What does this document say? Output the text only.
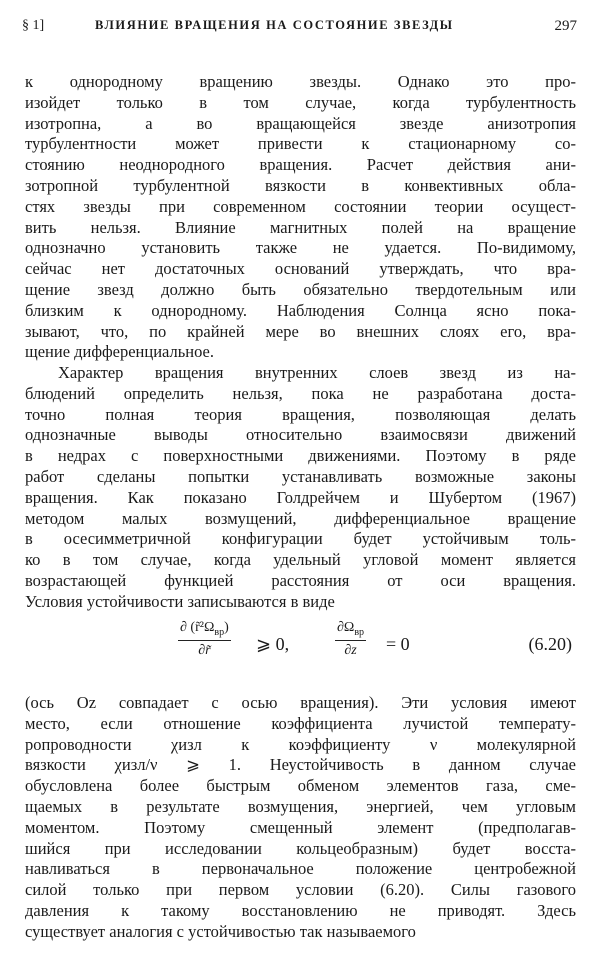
§ 1]	ВЛИЯНИЕ ВРАЩЕНИЯ НА СОСТОЯНИЕ ЗВЕЗДЫ	297
к однородному вращению звезды. Однако это про-
изойдет только в том случае, когда турбулентность
изотропна, а во вращающейся звезде анизотропия
турбулентности может привести к стационарному со-
стоянию неоднородного вращения. Расчет действия ани-
зотропной турбулентной вязкости в конвективных обла-
стях звезды при современном состоянии теории осущест-
вить нельзя. Влияние магнитных полей на вращение
однозначно установить также не удается. По-видимому,
сейчас нет достаточных оснований утверждать, что вра-
щение звезд должно быть обязательно твердотельным или
близким к однородному. Наблюдения Солнца ясно пока-
зывают, что, по крайней мере во внешних слоях его, вра-
щение дифференциальное.
Характер вращения внутренних слоев звезд из на-
блюдений определить нельзя, пока не разработана доста-
точно полная теория вращения, позволяющая делать
однозначные выводы относительно взаимосвязи движений
в недрах с поверхностными движениями. Поэтому в ряде
работ сделаны попытки устанавливать возможные законы
вращения. Как показано Голдрейчем и Шубертом (1967)
методом малых возмущений, дифференциальное вращение
в осесимметричной конфигурации будет устойчивым толь-
ко в том случае, когда удельный угловой момент является
возрастающей функцией расстояния от оси вращения.
Условия устойчивости записываются в виде
∂ $(r̃^2\Omega_{вр})$
∂r̃	⩾ 0,
$\partial\Omega_{вр}$
∂z	= 0	(6.20)
(ось Oz совпадает с осью вращения). Эти условия имеют
место, если отношение коэффициента лучистой температу-
ропроводности χизл к коэффициенту ν молекулярной
вязкости χизл/ν ⩾ 1. Неустойчивость в данном случае
обусловлена более быстрым обменом элементов газа, сме-
щаемых в результате возмущения, энергией, чем угловым
моментом. Поэтому смещенный элемент (предполагав-
шийся при исследовании кольцеобразным) будет восста-
навливаться в первоначальное положение центробежной
силой только при первом условии (6.20). Силы газового
давления к такому восстановлению не приводят. Здесь
существует аналогия с устойчивостью так называемого
